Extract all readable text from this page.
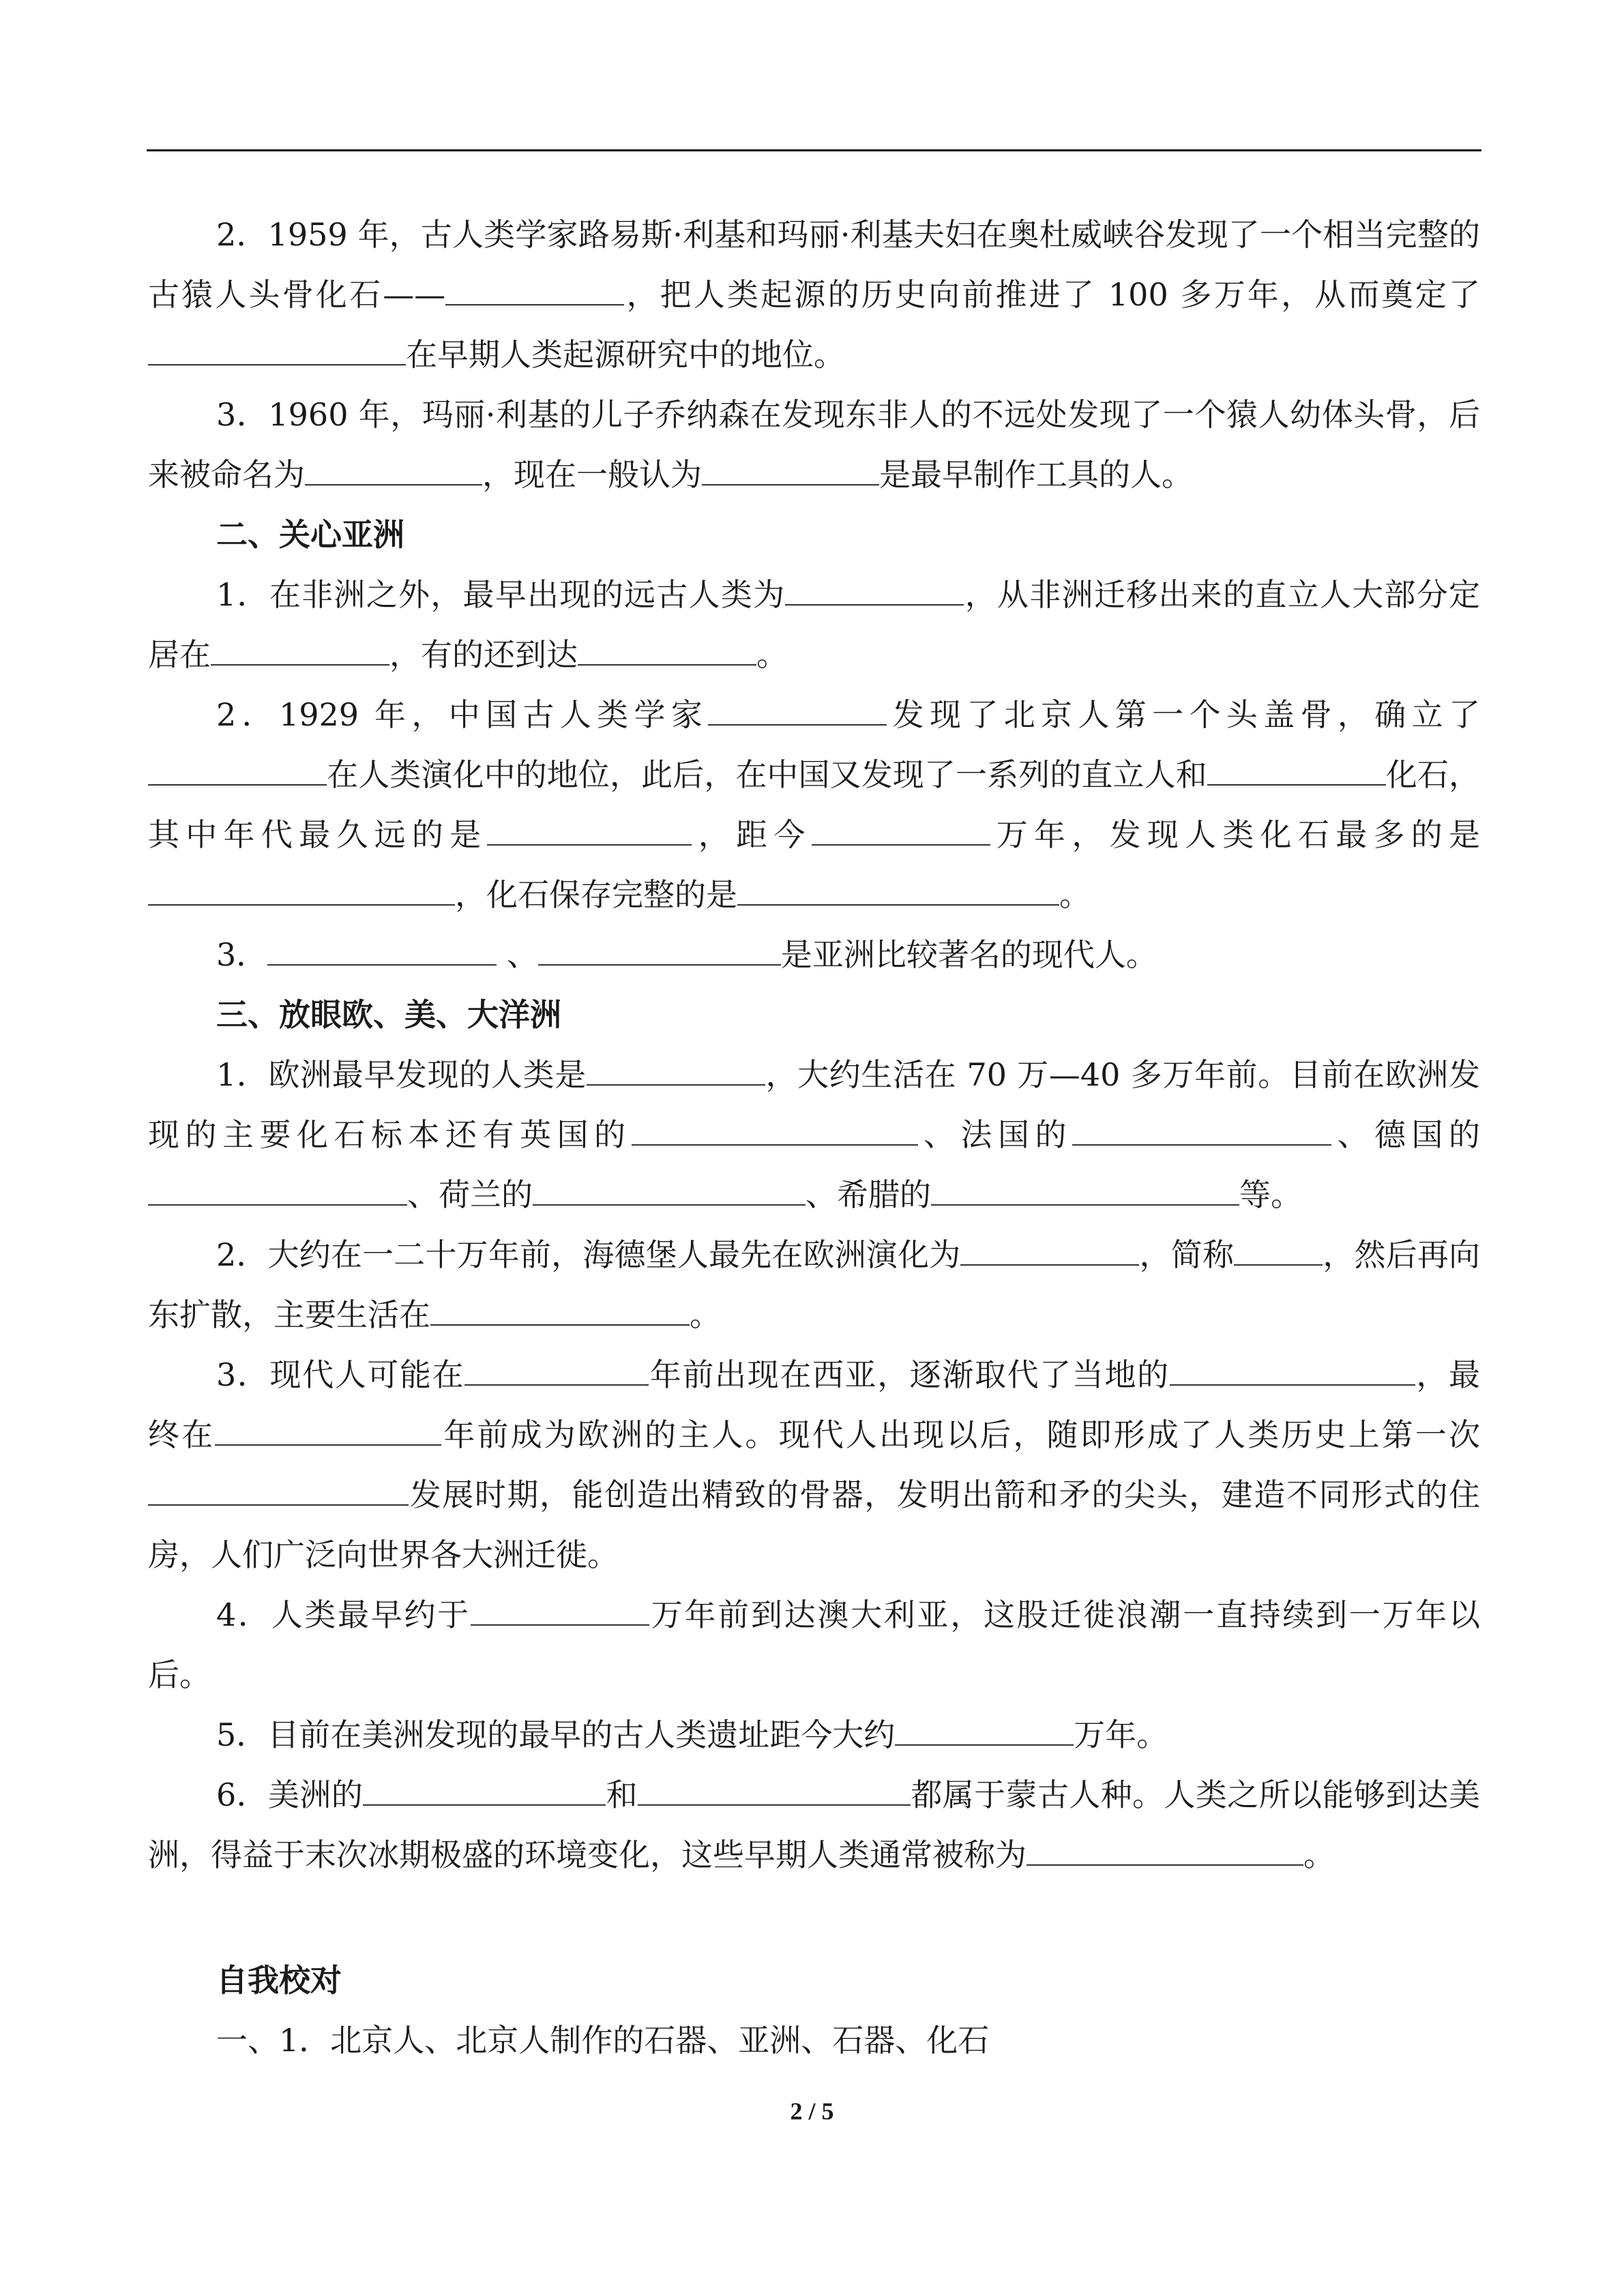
2．1959 年，古人类学家路易斯·利基和玛丽·利基夫妇在奥杜威峡谷发现了一个相当完整的古猿人头骨化石——	，把人类起源的历史向前推进了 100 多万年，从而奠定了在早期人类起源研究中的地位。

3．1960 年，玛丽·利基的儿子乔纳森在发现东非人的不远处发现了一个猿人幼体头骨，后来被命名为	，现在一般认为	是最早制作工具的人。

二、关心亚洲

1．在非洲之外，最早出现的远古人类为	，从非洲迁移出来的直立人大部分定居在	，有的还到达	。

2．1929 年，中国古人类学家	发现了北京人第一个头盖骨，确立了在人类演化中的地位，此后，在中国又发现了一系列的直立人和	化石，其中年代最久远的是	，距今	万年，发现人类化石最多的是，化石保存完整的是	。

3．	、	是亚洲比较著名的现代人。

三、放眼欧、美、大洋洲

1．欧洲最早发现的人类是	，大约生活在 70 万—40 多万年前。目前在欧洲发现的主要化石标本还有英国的	、法国的	、德国的、荷兰的	、希腊的	等。

2．大约在一二十万年前，海德堡人最先在欧洲演化为	，简称	，然后再向东扩散，主要生活在	。

3．现代人可能在	年前出现在西亚，逐渐取代了当地的	，最终在	年前成为欧洲的主人。现代人出现以后，随即形成了人类历史上第一次 发展时期，能创造出精致的骨器，发明出箭和矛的尖头，建造不同形式的住房，人们广泛向世界各大洲迁徙。

4．人类最早约于	万年前到达澳大利亚，这股迁徙浪潮一直持续到一万年以后。

5．目前在美洲发现的最早的古人类遗址距今大约	万年。

6．美洲的	和	都属于蒙古人种。人类之所以能够到达美洲，得益于末次冰期极盛的环境变化，这些早期人类通常被称为	。

自我校对

一、1．北京人、北京人制作的石器、亚洲、石器、化石

2 / 5
